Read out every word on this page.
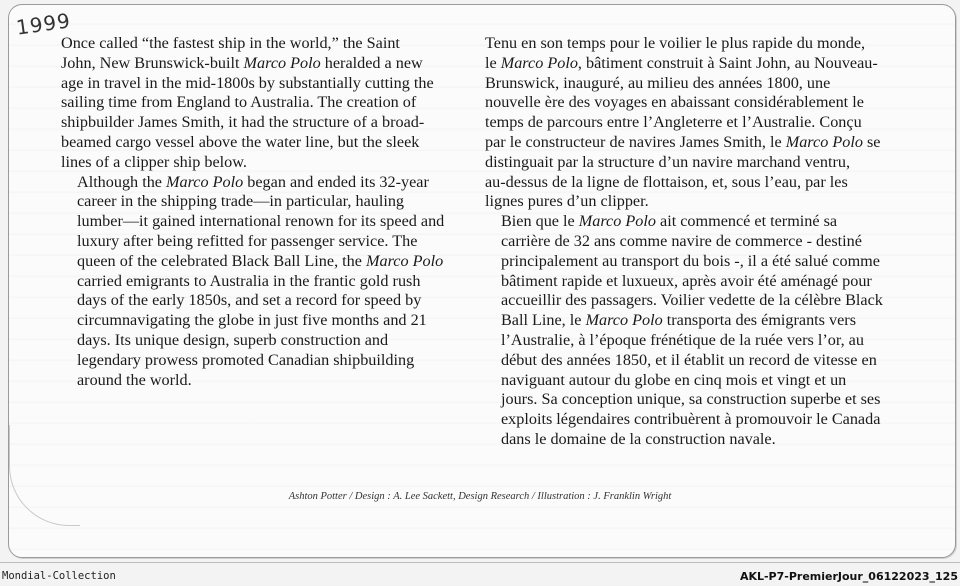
1999

Once called “the fastest ship in the world,” the Saint
John, New Brunswick-built Marco Polo heralded a new
age in travel in the mid-1800s by substantially cutting the
sailing time from England to Australia. The creation of
shipbuilder James Smith, it had the structure of a broad-
beamed cargo vessel above the water line, but the sleek
lines of a clipper ship below.

Although the Marco Polo began and ended its 32-year
career in the shipping trade—in particular, hauling
lumber—it gained international renown for its speed and
luxury after being refitted for passenger service. The
queen of the celebrated Black Ball Line, the Marco Polo
carried emigrants to Australia in the frantic gold rush
days of the early 1850s, and set a record for speed by
circumnavigating the globe in just five months and 21
days. Its unique design, superb construction and
legendary prowess promoted Canadian shipbuilding
around the world.

Tenu en son temps pour le voilier le plus rapide du monde,
le Marco Polo, bâtiment construit à Saint John, au Nouveau-
Brunswick, inauguré, au milieu des années 1800, une
nouvelle ère des voyages en abaissant considérablement le
temps de parcours entre l’Angleterre et l’Australie. Conçu
par le constructeur de navires James Smith, le Marco Polo se
distinguait par la structure d’un navire marchand ventru,
au-dessus de la ligne de flottaison, et, sous l’eau, par les
lignes pures d’un clipper.

Bien que le Marco Polo ait commencé et terminé sa
carrière de 32 ans comme navire de commerce - destiné
principalement au transport du bois -, il a été salué comme
bâtiment rapide et luxueux, après avoir été aménagé pour
accueillir des passagers. Voilier vedette de la célèbre Black
Ball Line, le Marco Polo transporta des émigrants vers
l’Australie, à l’époque frénétique de la ruée vers l’or, au
début des années 1850, et il établit un record de vitesse en
naviguant autour du globe en cinq mois et vingt et un
jours. Sa conception unique, sa construction superbe et ses
exploits légendaires contribuèrent à promouvoir le Canada
dans le domaine de la construction navale.

Ashton Potter / Design : A. Lee Sackett, Design Research / Illustration : J. Franklin Wright
Mondial-Collection	AKL-P7-PremierJour_06122023_125
